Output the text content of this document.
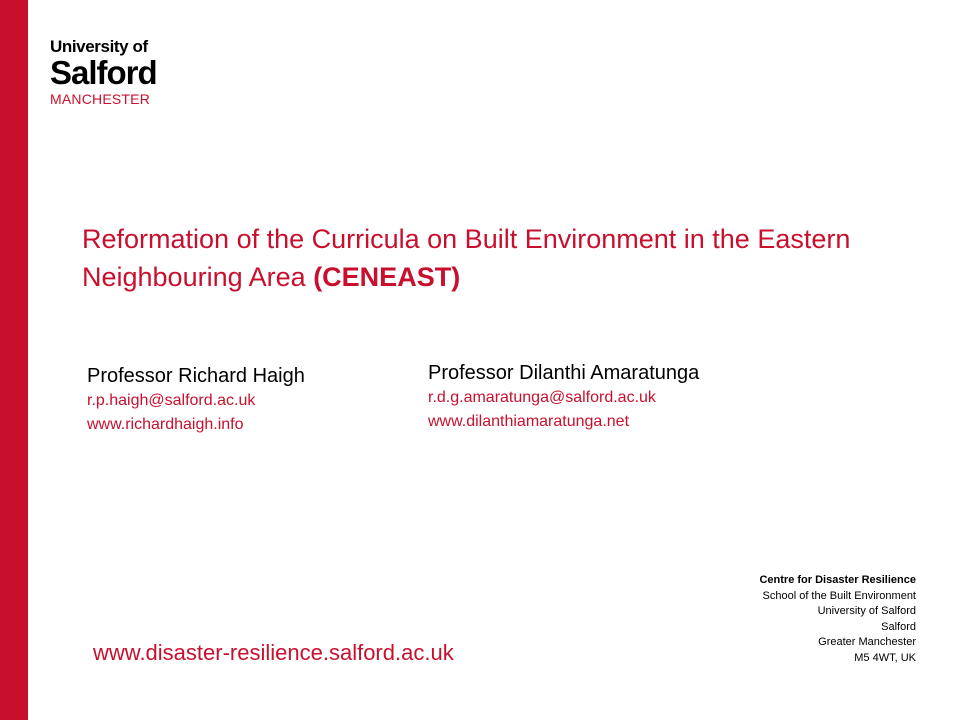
University of
Salford
MANCHESTER
Reformation of the Curricula on Built Environment in the Eastern Neighbouring Area (CENEAST)
Professor Richard Haigh
r.p.haigh@salford.ac.uk
www.richardhaigh.info
Professor Dilanthi Amaratunga
r.d.g.amaratunga@salford.ac.uk
www.dilanthiamaratunga.net
www.disaster-resilience.salford.ac.uk
Centre for Disaster Resilience
School of the Built Environment
University of Salford
Salford
Greater Manchester
M5 4WT, UK
